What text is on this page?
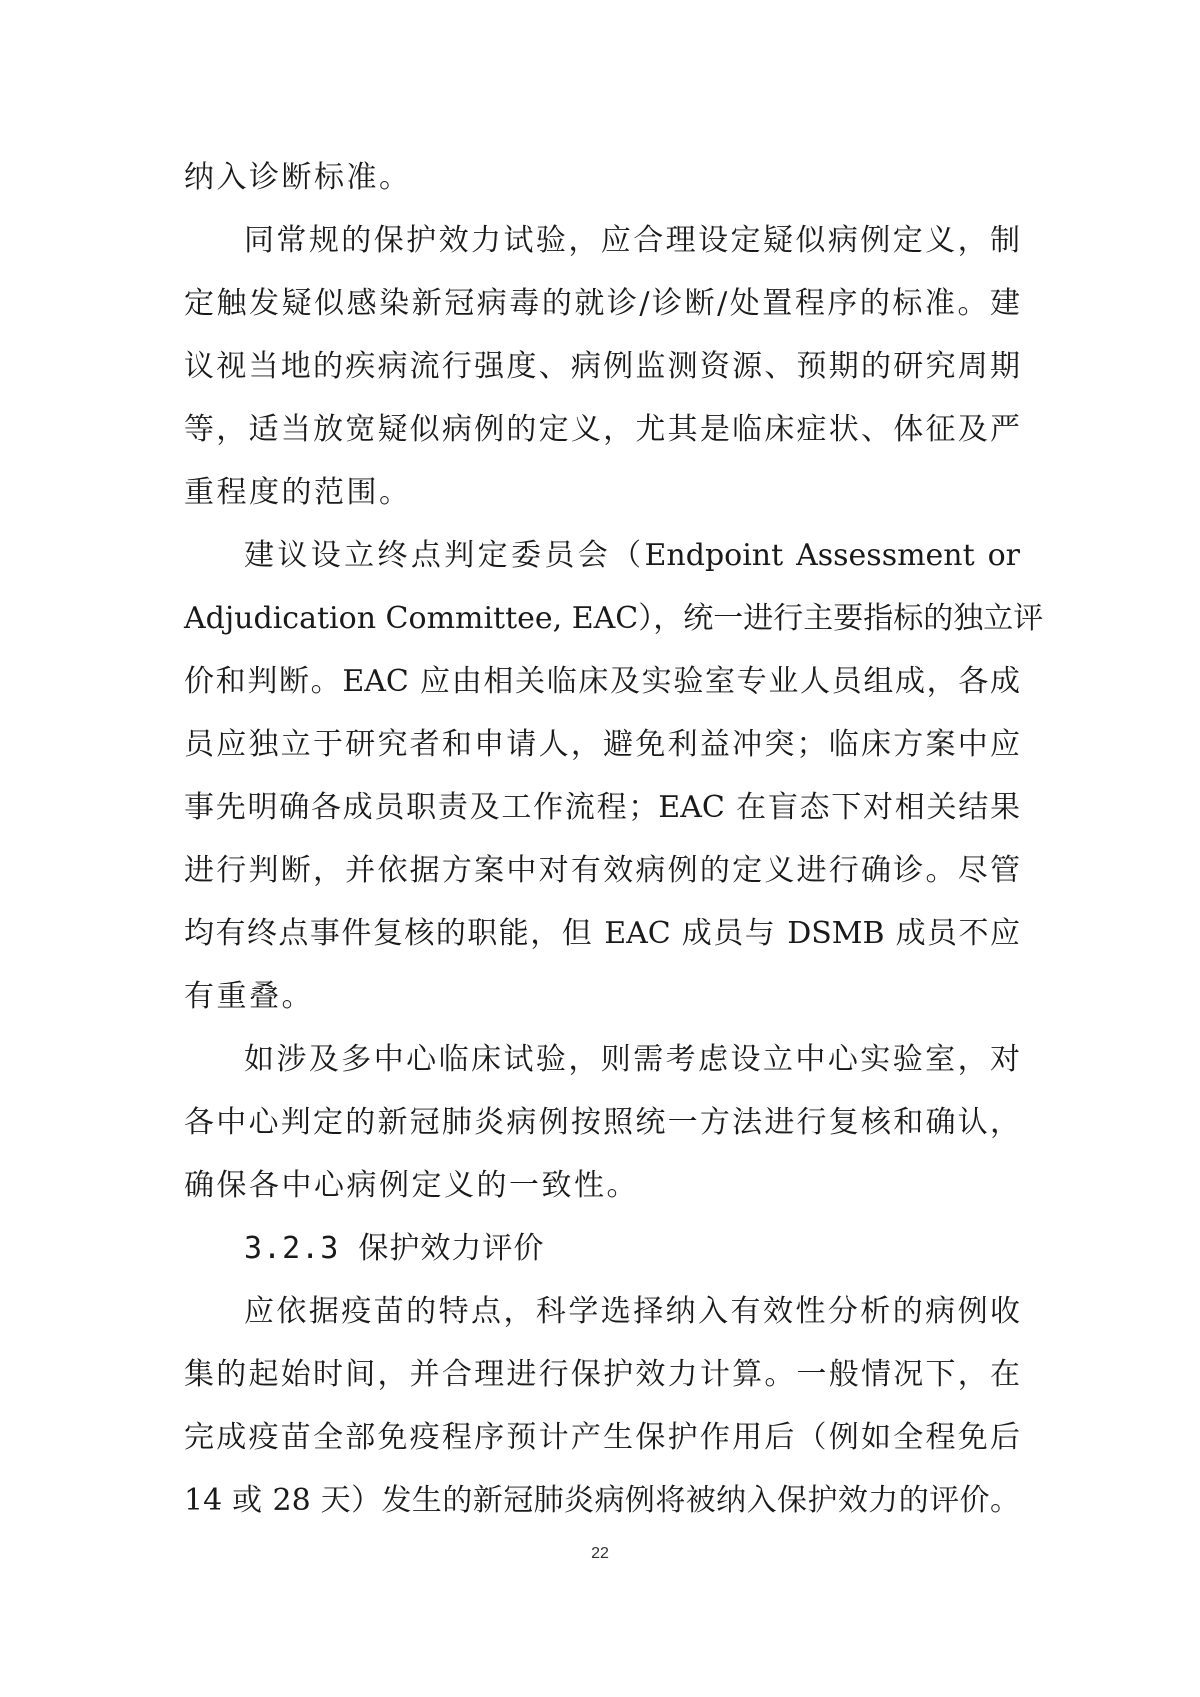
纳入诊断标准。
同常规的保护效力试验，应合理设定疑似病例定义，制
定触发疑似感染新冠病毒的就诊/诊断/处置程序的标准。建
议视当地的疾病流行强度、病例监测资源、预期的研究周期
等，适当放宽疑似病例的定义，尤其是临床症状、体征及严
重程度的范围。
建议设立终点判定委员会（Endpoint Assessment or
Adjudication Committee, EAC），统一进行主要指标的独立评
价和判断。EAC 应由相关临床及实验室专业人员组成，各成
员应独立于研究者和申请人，避免利益冲突；临床方案中应
事先明确各成员职责及工作流程；EAC 在盲态下对相关结果
进行判断，并依据方案中对有效病例的定义进行确诊。尽管
均有终点事件复核的职能，但 EAC 成员与 DSMB 成员不应
有重叠。
如涉及多中心临床试验，则需考虑设立中心实验室，对
各中心判定的新冠肺炎病例按照统一方法进行复核和确认，
确保各中心病例定义的一致性。
3.2.3 保护效力评价
应依据疫苗的特点，科学选择纳入有效性分析的病例收
集的起始时间，并合理进行保护效力计算。一般情况下，在
完成疫苗全部免疫程序预计产生保护作用后（例如全程免后
14 或 28 天）发生的新冠肺炎病例将被纳入保护效力的评价。
22
